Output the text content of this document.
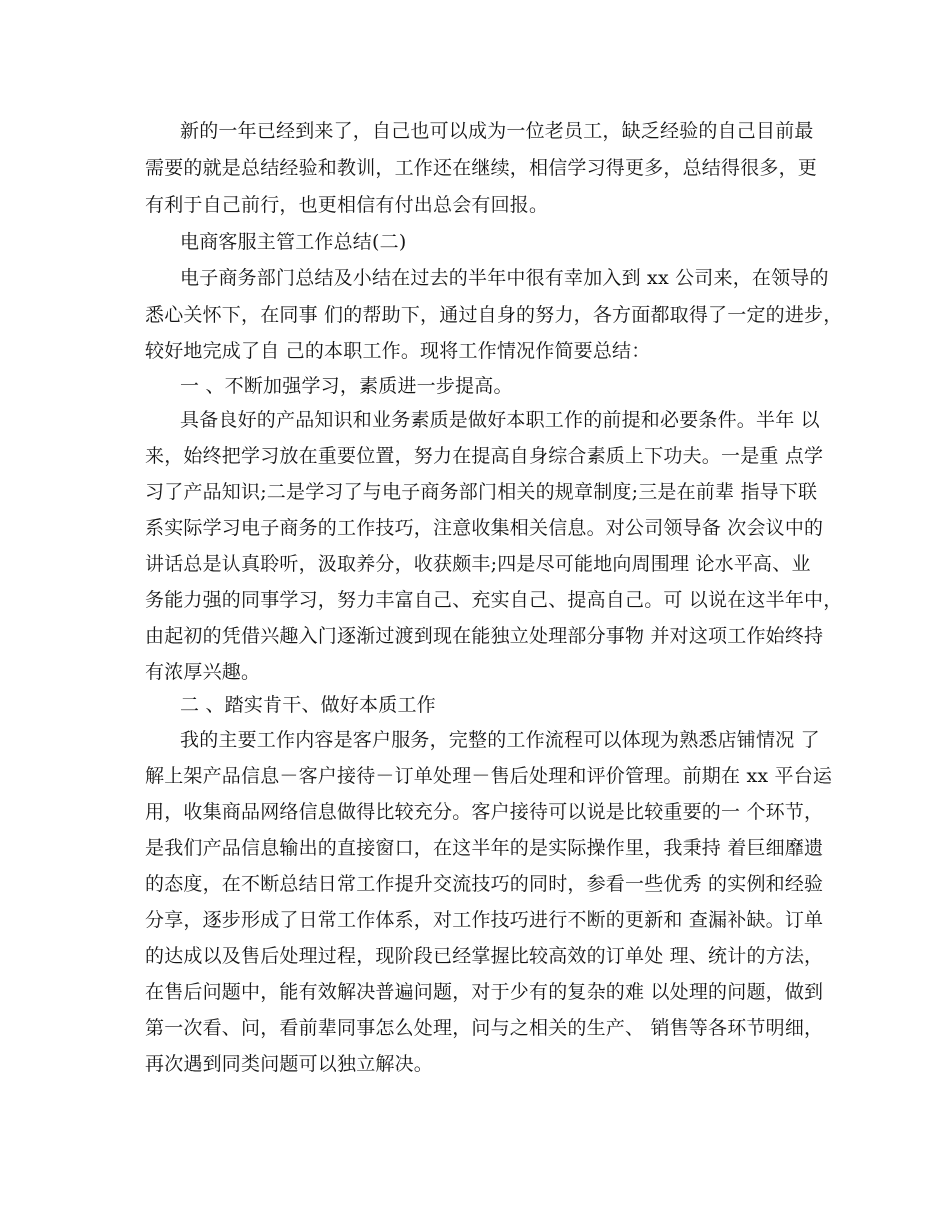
新的一年已经到来了，自己也可以成为一位老员工，缺乏经验的自己目前最
需要的就是总结经验和教训，工作还在继续，相信学习得更多，总结得很多，更
有利于自己前行，也更相信有付出总会有回报。
电商客服主管工作总结(二)
电子商务部门总结及小结在过去的半年中很有幸加入到 xx 公司来，在领导的
悉心关怀下，在同事 们的帮助下，通过自身的努力，各方面都取得了一定的进步，
较好地完成了自 己的本职工作。现将工作情况作简要总结：
一 、不断加强学习，素质进一步提高。
具备良好的产品知识和业务素质是做好本职工作的前提和必要条件。半年 以
来，始终把学习放在重要位置，努力在提高自身综合素质上下功夫。一是重 点学
习了产品知识;二是学习了与电子商务部门相关的规章制度;三是在前辈 指导下联
系实际学习电子商务的工作技巧，注意收集相关信息。对公司领导备 次会议中的
讲话总是认真聆听，汲取养分，收获颇丰;四是尽可能地向周围理 论水平高、业
务能力强的同事学习，努力丰富自己、充实自己、提高自己。可 以说在这半年中，
由起初的凭借兴趣入门逐渐过渡到现在能独立处理部分事物 并对这项工作始终持
有浓厚兴趣。
二 、踏实肯干、做好本质工作
我的主要工作内容是客户服务，完整的工作流程可以体现为熟悉店铺情况 了
解上架产品信息－客户接待－订单处理－售后处理和评价管理。前期在 xx 平台运
用，收集商品网络信息做得比较充分。客户接待可以说是比较重要的一 个环节，
是我们产品信息输出的直接窗口，在这半年的是实际操作里，我秉持 着巨细靡遗
的态度，在不断总结日常工作提升交流技巧的同时，参看一些优秀 的实例和经验
分享，逐步形成了日常工作体系，对工作技巧进行不断的更新和 查漏补缺。订单
的达成以及售后处理过程，现阶段已经掌握比较高效的订单处 理、统计的方法，
在售后问题中，能有效解决普遍问题，对于少有的复杂的难 以处理的问题，做到
第一次看、问，看前辈同事怎么处理，问与之相关的生产、 销售等各环节明细，
再次遇到同类问题可以独立解决。
